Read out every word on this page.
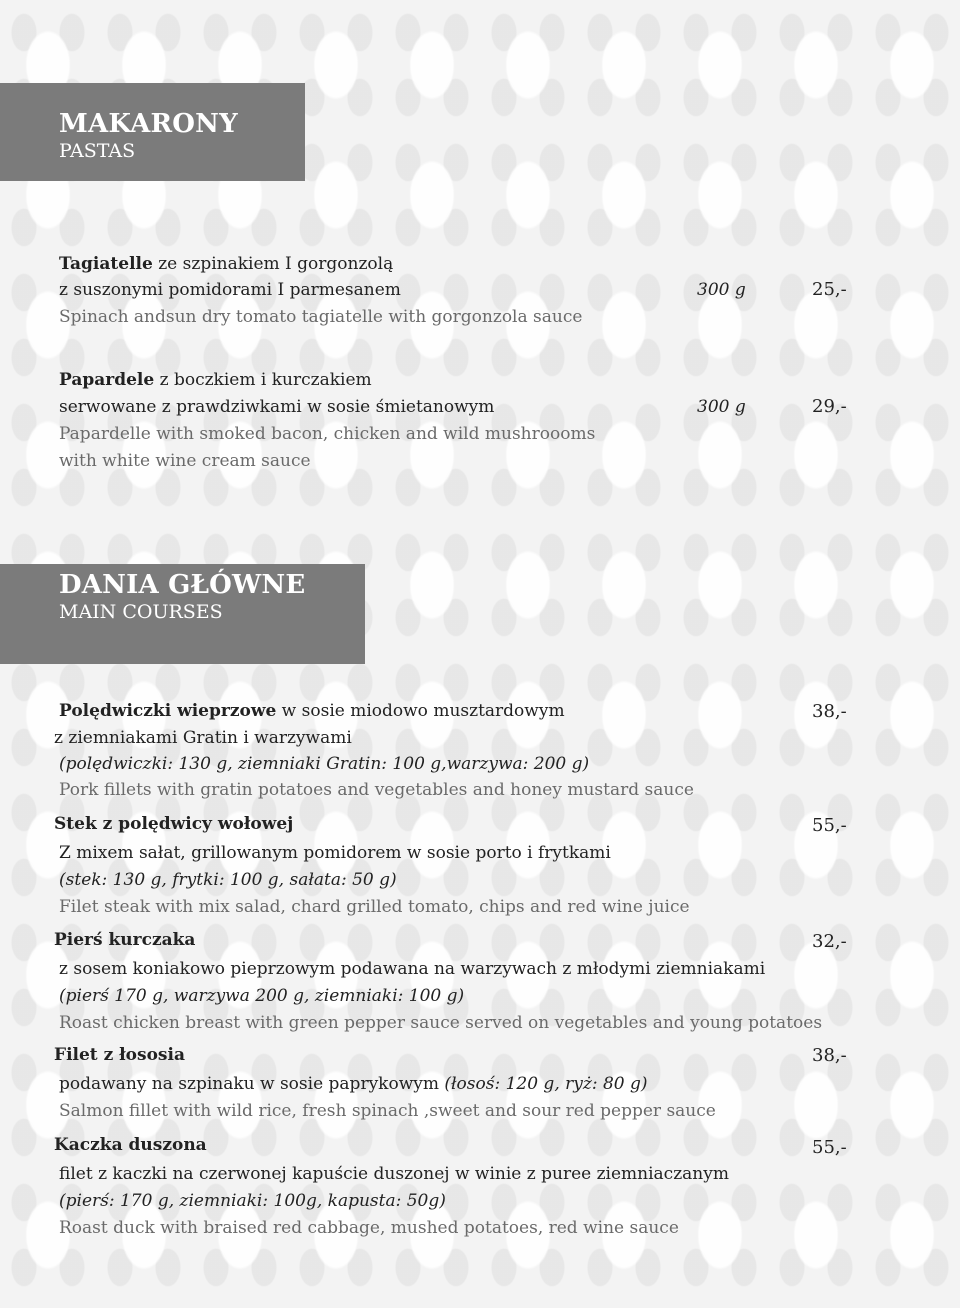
MAKARONY
PASTAS
Tagiatelle ze szpinakiem I gorgonzolą
z suszonymi pomidorami I parmesanem	300 g	25,-
Spinach andsun dry tomato tagiatelle with gorgonzola sauce
Papardele z boczkiem i kurczakiem
serwowane z prawdziwkami w sosie śmietanowym	300 g	29,-
Papardelle with smoked bacon, chicken and wild mushroooms
with white wine cream sauce
DANIA GŁÓWNE
MAIN COURSES
Polędwiczki wieprzowe w sosie miodowo musztardowym	38,-
z ziemniakami Gratin i warzywami
(polędwiczki: 130 g, ziemniaki Gratin: 100 g,warzywa: 200 g)
Pork fillets with gratin potatoes and vegetables and honey mustard sauce
Stek z polędwicy wołowej	55,-
Z mixem sałat, grillowanym pomidorem w sosie porto i frytkami
(stek: 130 g, frytki: 100 g, sałata: 50 g)
Filet steak with mix salad, chard grilled tomato, chips and red wine juice
Pierś kurczaka	32,-
z sosem koniakowo pieprzowym podawana na warzywach z młodymi ziemniakami
(pierś 170 g, warzywa 200 g, ziemniaki: 100 g)
Roast chicken breast with green pepper sauce served on vegetables and young potatoes
Filet z łososia	38,-
podawany na szpinaku w sosie paprykowym (łosoś: 120 g, ryż: 80 g)
Salmon fillet with wild rice, fresh spinach ,sweet and sour red pepper sauce
Kaczka duszona	55,-
filet z kaczki na czerwonej kapuście duszonej w winie z puree ziemniaczanym
(pierś: 170 g, ziemniaki: 100g, kapusta: 50g)
Roast duck with braised red cabbage, mushed potatoes, red wine sauce
